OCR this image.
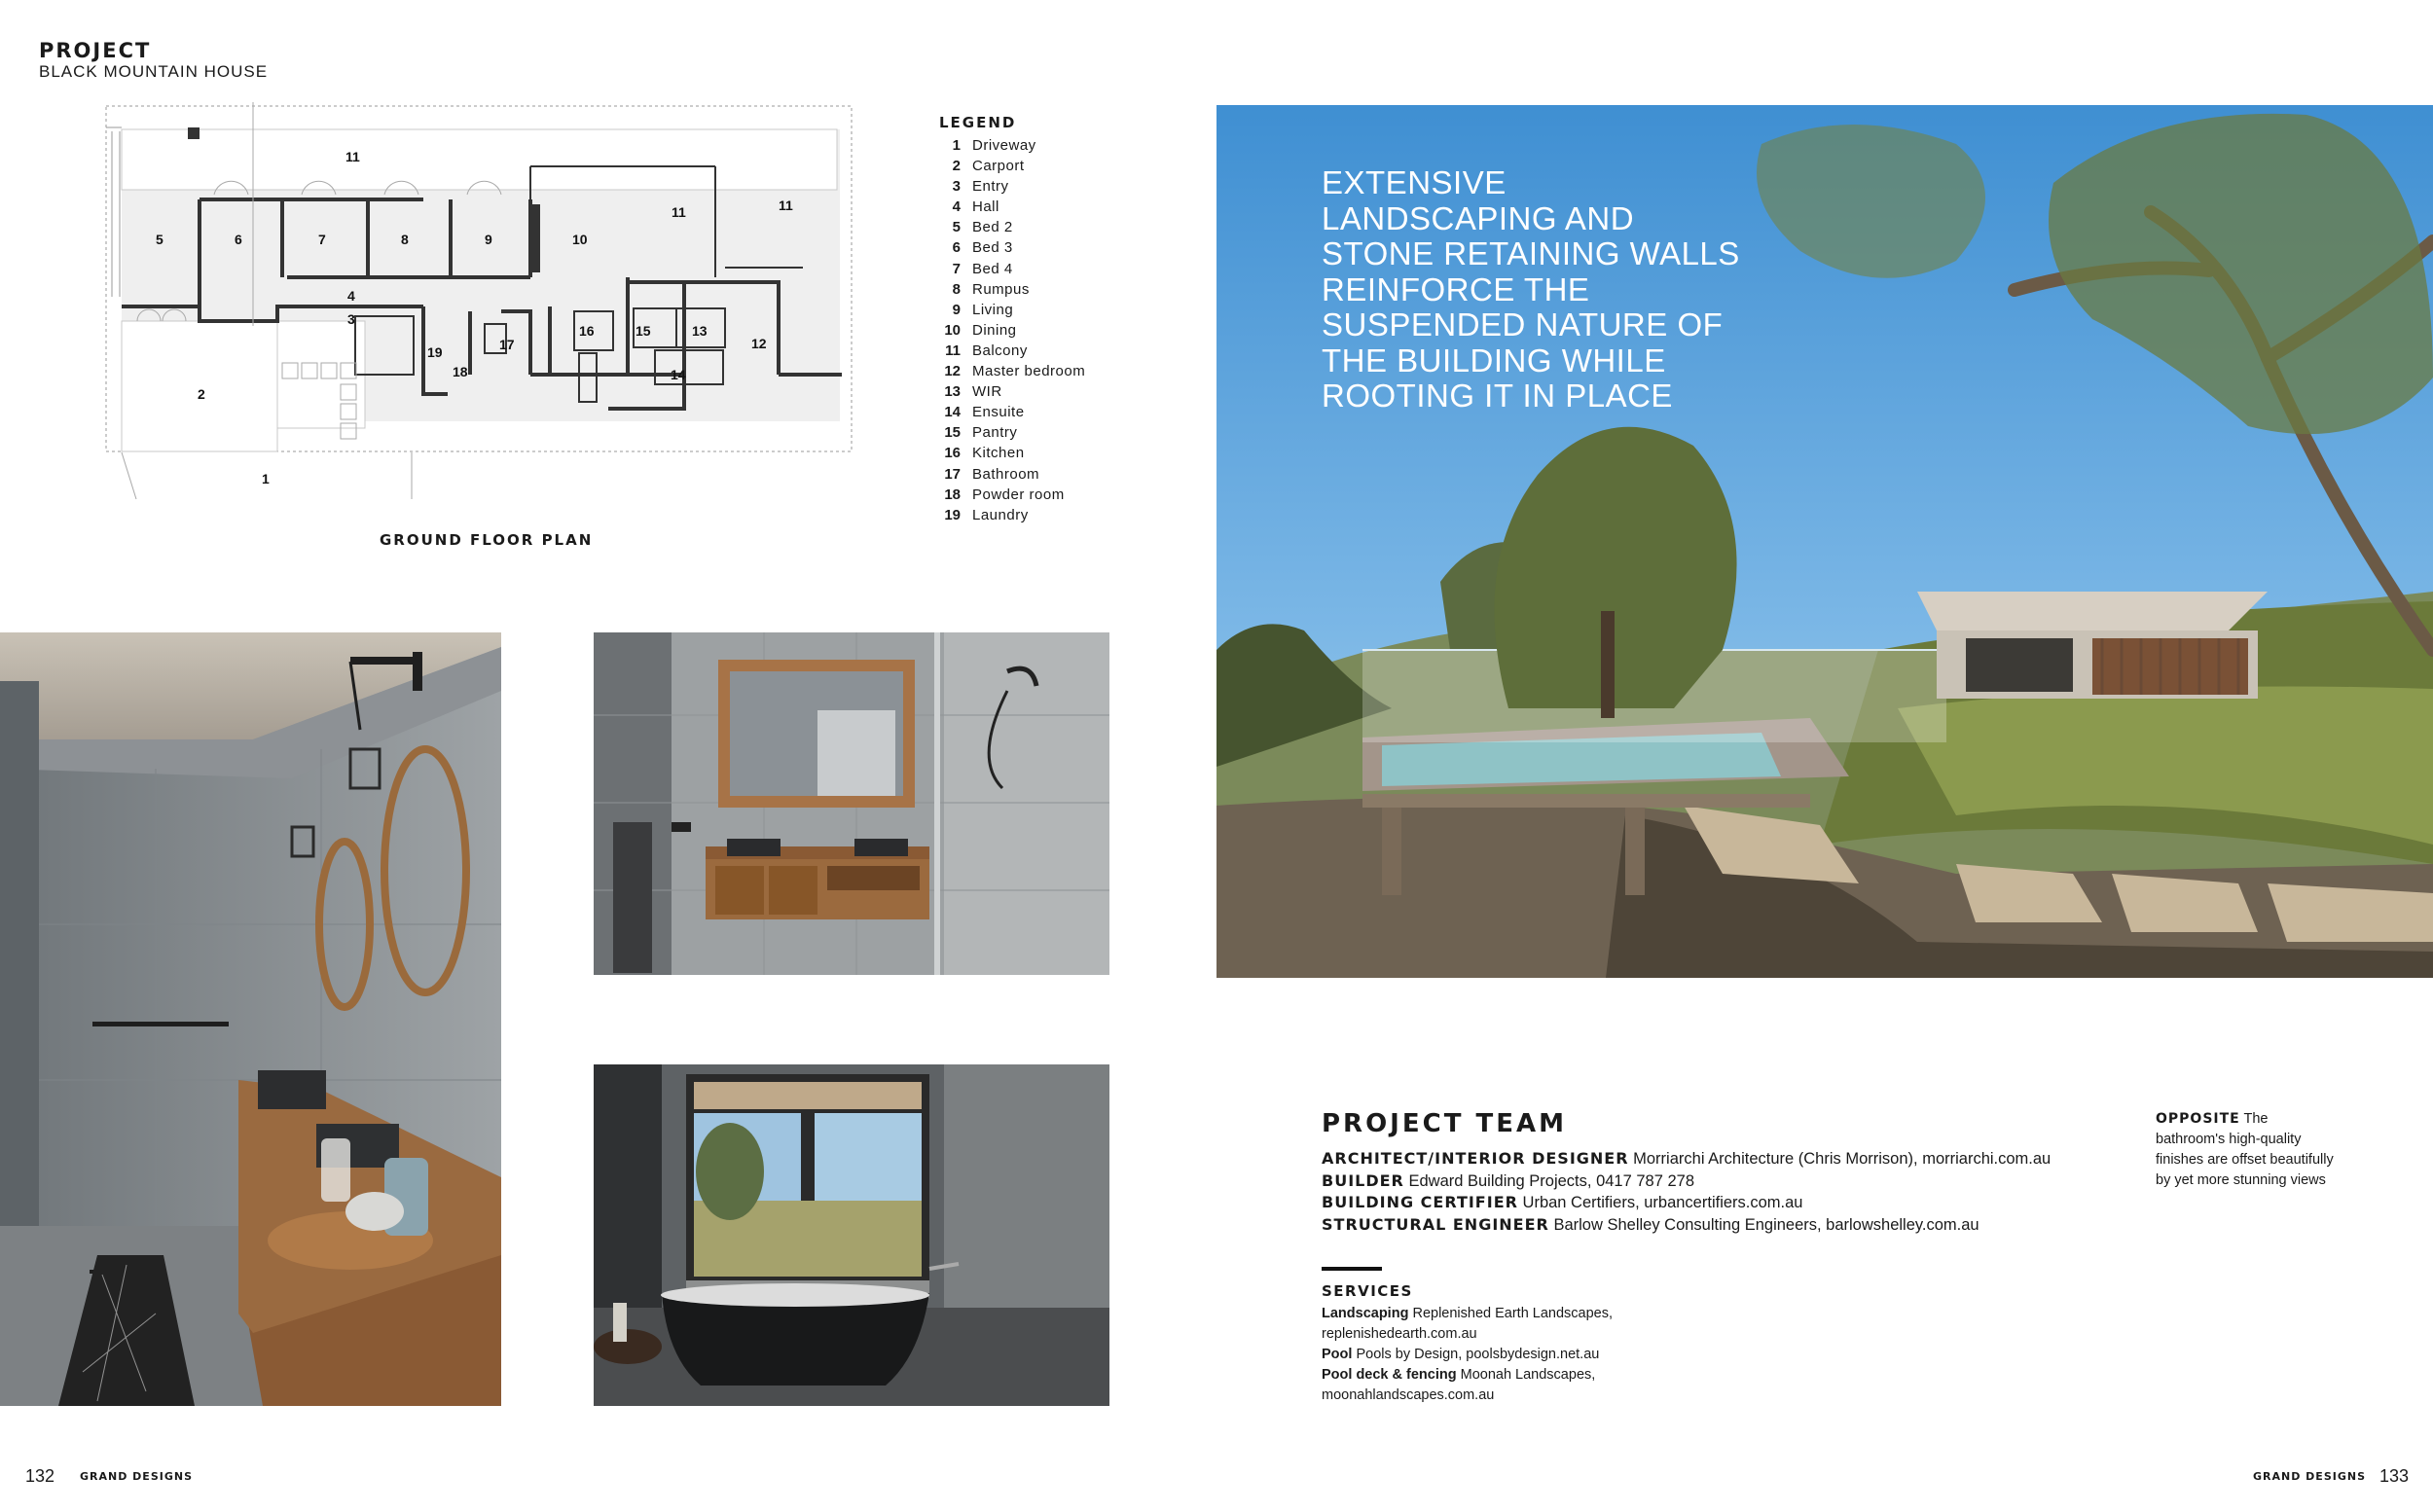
PROJECT
BLACK MOUNTAIN HOUSE
11
5	6	7	8	9	10
11	11
4
3
2
1
19
18
17
16	15	13
14
12
GROUND FLOOR PLAN
LEGEND
1 Driveway
2 Carport
3 Entry
4 Hall
5 Bed 2
6 Bed 3
7 Bed 4
8 Rumpus
9 Living
10 Dining
11 Balcony
12 Master bedroom
13 WIR
14 Ensuite
15 Pantry
16 Kitchen
17 Bathroom
18 Powder room
19 Laundry
EXTENSIVE LANDSCAPING AND STONE RETAINING WALLS REINFORCE THE SUSPENDED NATURE OF THE BUILDING WHILE ROOTING IT IN PLACE
PROJECT TEAM
ARCHITECT/INTERIOR DESIGNER Morriarchi Architecture (Chris Morrison), morriarchi.com.au
BUILDER Edward Building Projects, 0417 787 278
BUILDING CERTIFIER Urban Certifiers, urbancertifiers.com.au
STRUCTURAL ENGINEER Barlow Shelley Consulting Engineers, barlowshelley.com.au
SERVICES
Landscaping Replenished Earth Landscapes, replenishedearth.com.au
Pool Pools by Design, poolsbydesign.net.au
Pool deck & fencing Moonah Landscapes, moonahlandscapes.com.au
OPPOSITE The bathroom's high-quality finishes are offset beautifully by yet more stunning views
132 GRAND DESIGNS	GRAND DESIGNS 133
